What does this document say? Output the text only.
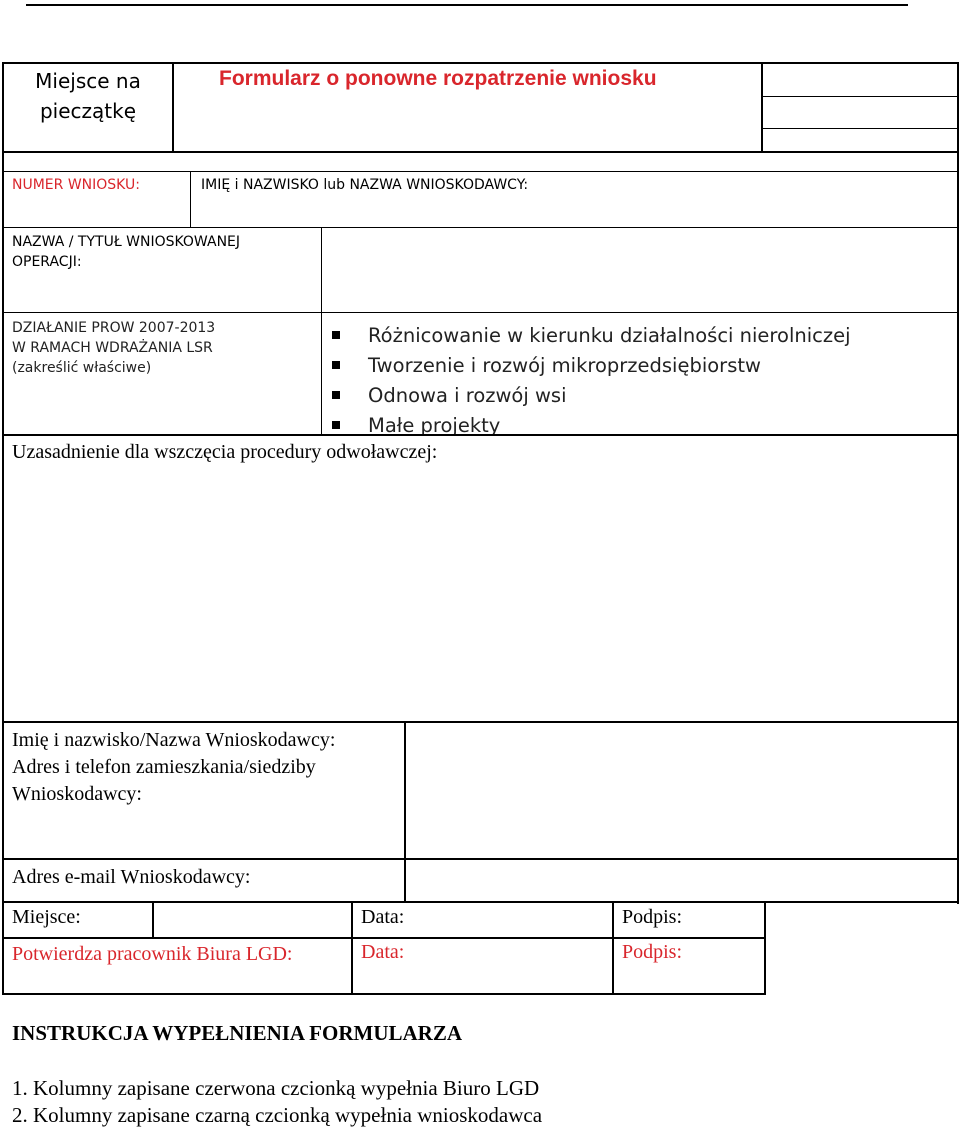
Miejsce na pieczątkę
Formularz o ponowne rozpatrzenie wniosku
NUMER WNIOSKU:	IMIĘ i NAZWISKO lub NAZWA WNIOSKODAWCY:
NAZWA / TYTUŁ WNIOSKOWANEJ OPERACJI:
DZIAŁANIE PROW 2007-2013
W RAMACH WDRAŻANIA LSR
(zakreślić właściwe)
Różnicowanie w kierunku działalności nierolniczej
Tworzenie i rozwój mikroprzedsiębiorstw
Odnowa i rozwój wsi
Małe projekty
Uzasadnienie dla wszczęcia procedury odwoławczej:
Imię i nazwisko/Nazwa Wnioskodawcy:
Adres i telefon zamieszkania/siedziby Wnioskodawcy:
Adres e-mail Wnioskodawcy:
Miejsce:	Data:	Podpis:
Potwierdza pracownik Biura LGD:	Data:	Podpis:
INSTRUKCJA WYPEŁNIENIA FORMULARZA
1. Kolumny zapisane czerwona czcionką wypełnia Biuro LGD
2. Kolumny zapisane czarną czcionką wypełnia wnioskodawca
